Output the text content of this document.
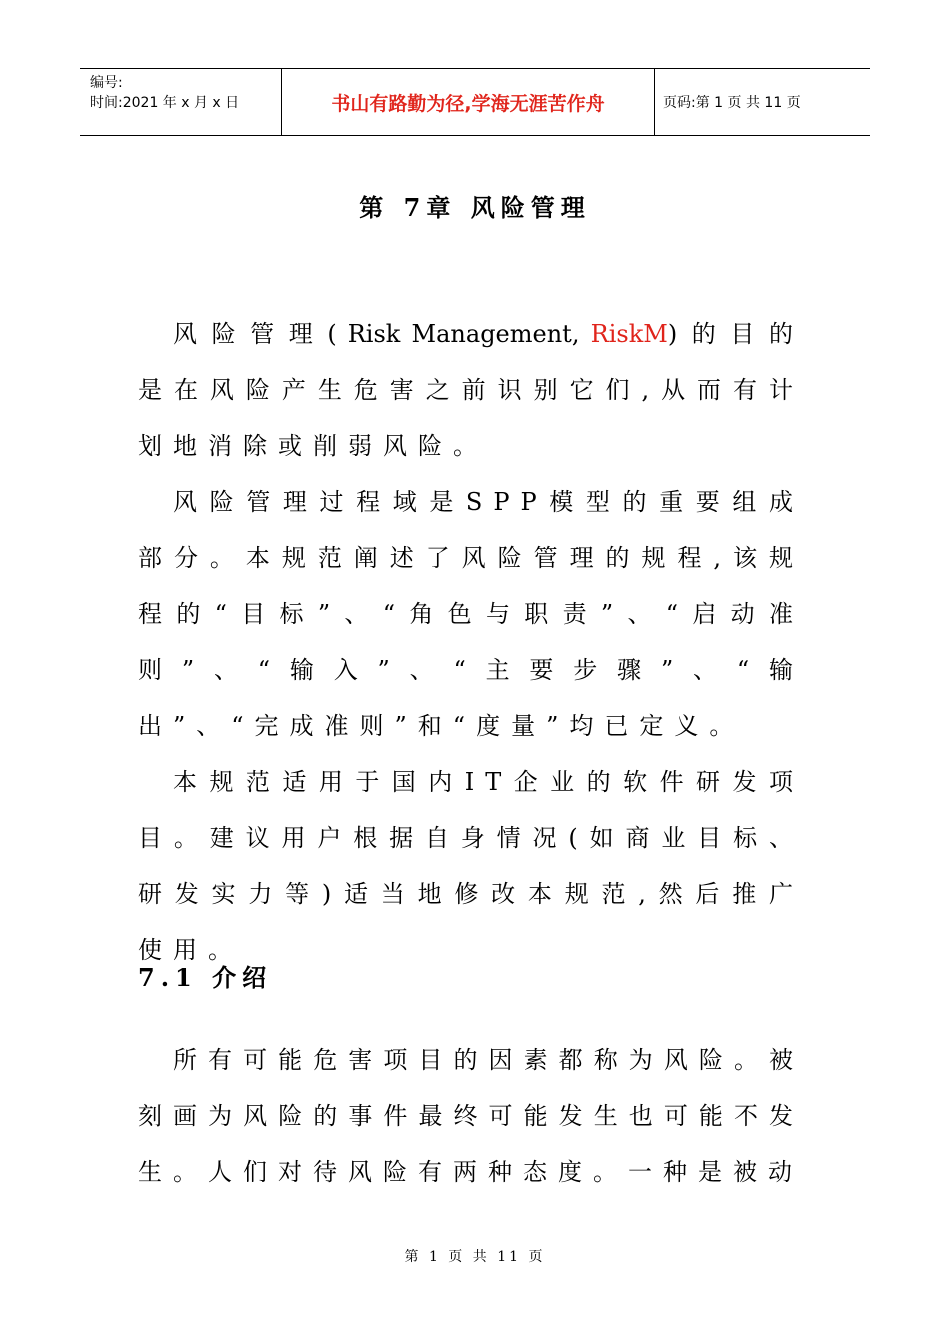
编号:
时间:2021 年 x 月 x 日	书山有路勤为径,学海无涯苦作舟	页码:第 1 页 共 11 页
第 7章 风险管理

风险管理(Risk Management, RiskM)的目的是在风险产生危害之前识别它们,从而有计划地消除或削弱风险。

风险管理过程域是SPP模型的重要组成部分。本规范阐述了风险管理的规程,该规程的“目标”、“角色与职责”、“启动准则”、“输入”、“主要步骤”、“输出”、“完成准则”和“度量”均已定义。

本规范适用于国内IT企业的软件研发项目。建议用户根据自身情况(如商业目标、研发实力等)适当地修改本规范,然后推广使用。

7.1 介绍

所有可能危害项目的因素都称为风险。被刻画为风险的事件最终可能发生也可能不发生。人们对待风险有两种态度。一种是被动

第 1 页 共 11 页
